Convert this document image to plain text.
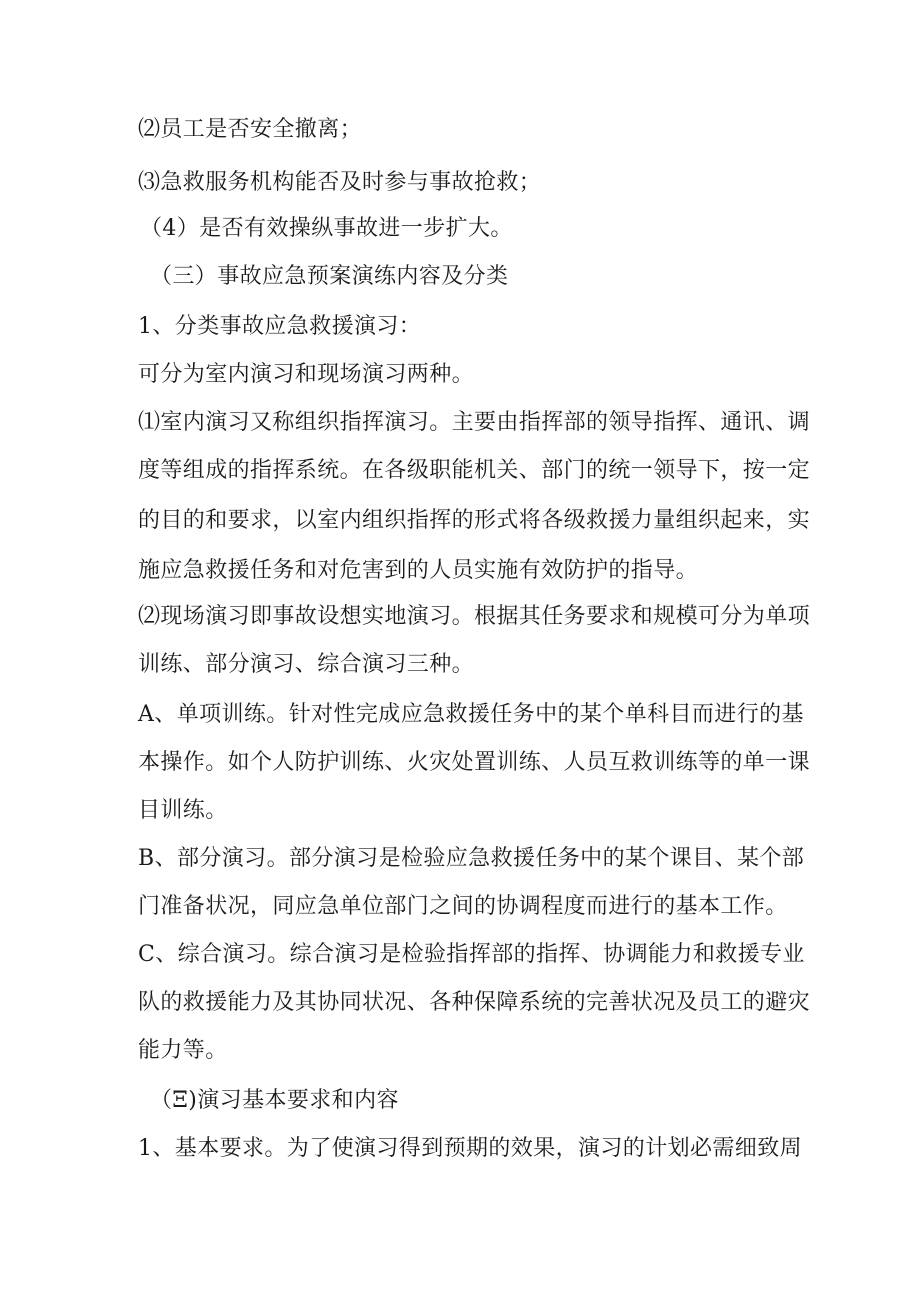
⑵员工是否安全撤离；
⑶急救服务机构能否及时参与事故抢救；
（4）是否有效操纵事故进一步扩大。
（三）事故应急预案演练内容及分类
1、分类事故应急救援演习：
可分为室内演习和现场演习两种。
⑴室内演习又称组织指挥演习。主要由指挥部的领导指挥、通讯、调
度等组成的指挥系统。在各级职能机关、部门的统一领导下，按一定
的目的和要求，以室内组织指挥的形式将各级救援力量组织起来，实
施应急救援任务和对危害到的人员实施有效防护的指导。
⑵现场演习即事故设想实地演习。根据其任务要求和规模可分为单项
训练、部分演习、综合演习三种。
A、单项训练。针对性完成应急救援任务中的某个单科目而进行的基
本操作。如个人防护训练、火灾处置训练、人员互救训练等的单一课
目训练。
B、部分演习。部分演习是检验应急救援任务中的某个课目、某个部
门准备状况，同应急单位部门之间的协调程度而进行的基本工作。
C、综合演习。综合演习是检验指挥部的指挥、协调能力和救援专业
队的救援能力及其协同状况、各种保障系统的完善状况及员工的避灾
能力等。
（Ξ)演习基本要求和内容
1、基本要求。为了使演习得到预期的效果，演习的计划必需细致周
